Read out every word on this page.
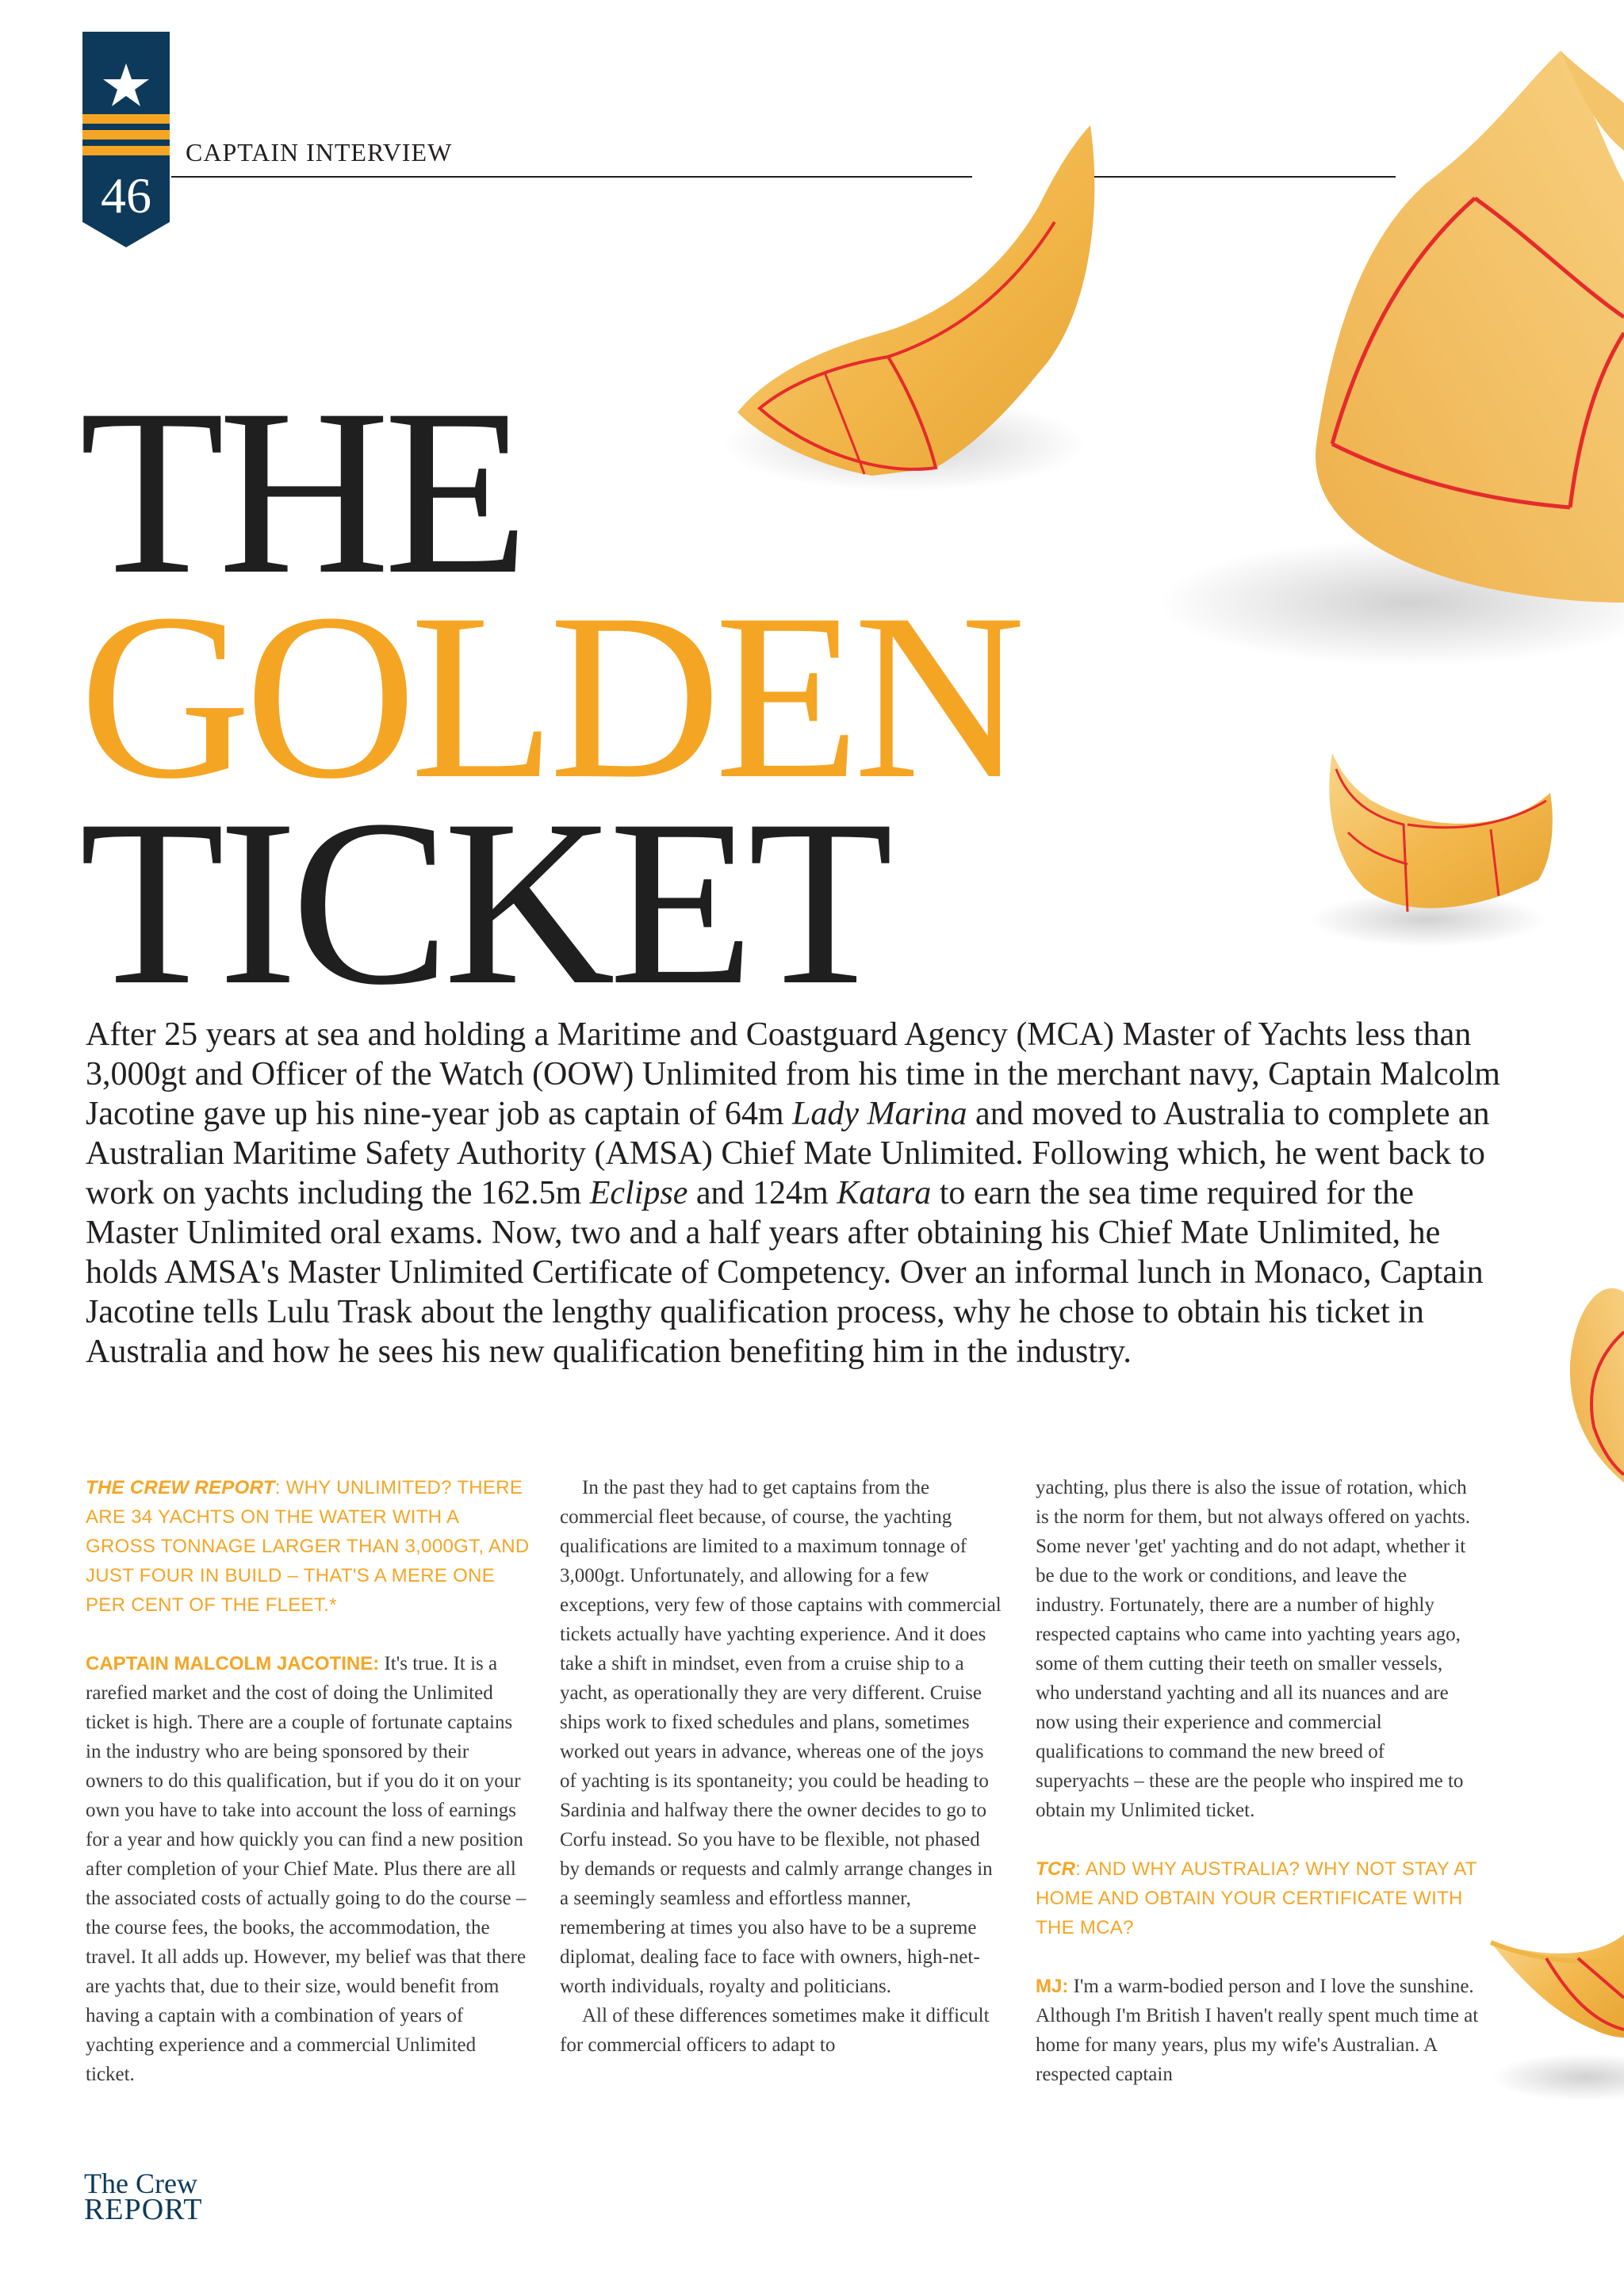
46
CAPTAIN INTERVIEW
THE
GOLDEN
TICKET
After 25 years at sea and holding a Maritime and Coastguard Agency (MCA) Master of Yachts less than 3,000gt and Officer of the Watch (OOW) Unlimited from his time in the merchant navy, Captain Malcolm Jacotine gave up his nine-year job as captain of 64m Lady Marina and moved to Australia to complete an Australian Maritime Safety Authority (AMSA) Chief Mate Unlimited. Following which, he went back to work on yachts including the 162.5m Eclipse and 124m Katara to earn the sea time required for the Master Unlimited oral exams. Now, two and a half years after obtaining his Chief Mate Unlimited, he holds AMSA's Master Unlimited Certificate of Competency. Over an informal lunch in Monaco, Captain Jacotine tells Lulu Trask about the lengthy qualification process, why he chose to obtain his ticket in Australia and how he sees his new qualification benefiting him in the industry.

THE CREW REPORT: WHY UNLIMITED? THERE ARE 34 YACHTS ON THE WATER WITH A GROSS TONNAGE LARGER THAN 3,000GT, AND JUST FOUR IN BUILD – THAT'S A MERE ONE PER CENT OF THE FLEET.*

CAPTAIN MALCOLM JACOTINE: It's true. It is a rarefied market and the cost of doing the Unlimited ticket is high. There are a couple of fortunate captains in the industry who are being sponsored by their owners to do this qualification, but if you do it on your own you have to take into account the loss of earnings for a year and how quickly you can find a new position after completion of your Chief Mate. Plus there are all the associated costs of actually going to do the course – the course fees, the books, the accommodation, the travel. It all adds up. However, my belief was that there are yachts that, due to their size, would benefit from having a captain with a combination of years of yachting experience and a commercial Unlimited ticket.

In the past they had to get captains from the commercial fleet because, of course, the yachting qualifications are limited to a maximum tonnage of 3,000gt. Unfortunately, and allowing for a few exceptions, very few of those captains with commercial tickets actually have yachting experience. And it does take a shift in mindset, even from a cruise ship to a yacht, as operationally they are very different. Cruise ships work to fixed schedules and plans, sometimes worked out years in advance, whereas one of the joys of yachting is its spontaneity; you could be heading to Sardinia and halfway there the owner decides to go to Corfu instead. So you have to be flexible, not phased by demands or requests and calmly arrange changes in a seemingly seamless and effortless manner, remembering at times you also have to be a supreme diplomat, dealing face to face with owners, high-net-worth individuals, royalty and politicians.

All of these differences sometimes make it difficult for commercial officers to adapt to

yachting, plus there is also the issue of rotation, which is the norm for them, but not always offered on yachts. Some never 'get' yachting and do not adapt, whether it be due to the work or conditions, and leave the industry. Fortunately, there are a number of highly respected captains who came into yachting years ago, some of them cutting their teeth on smaller vessels, who understand yachting and all its nuances and are now using their experience and commercial qualifications to command the new breed of superyachts – these are the people who inspired me to obtain my Unlimited ticket.

TCR: AND WHY AUSTRALIA? WHY NOT STAY AT HOME AND OBTAIN YOUR CERTIFICATE WITH THE MCA?

MJ: I'm a warm-bodied person and I love the sunshine. Although I'm British I haven't really spent much time at home for many years, plus my wife's Australian. A respected captain

The Crew
REPORT
